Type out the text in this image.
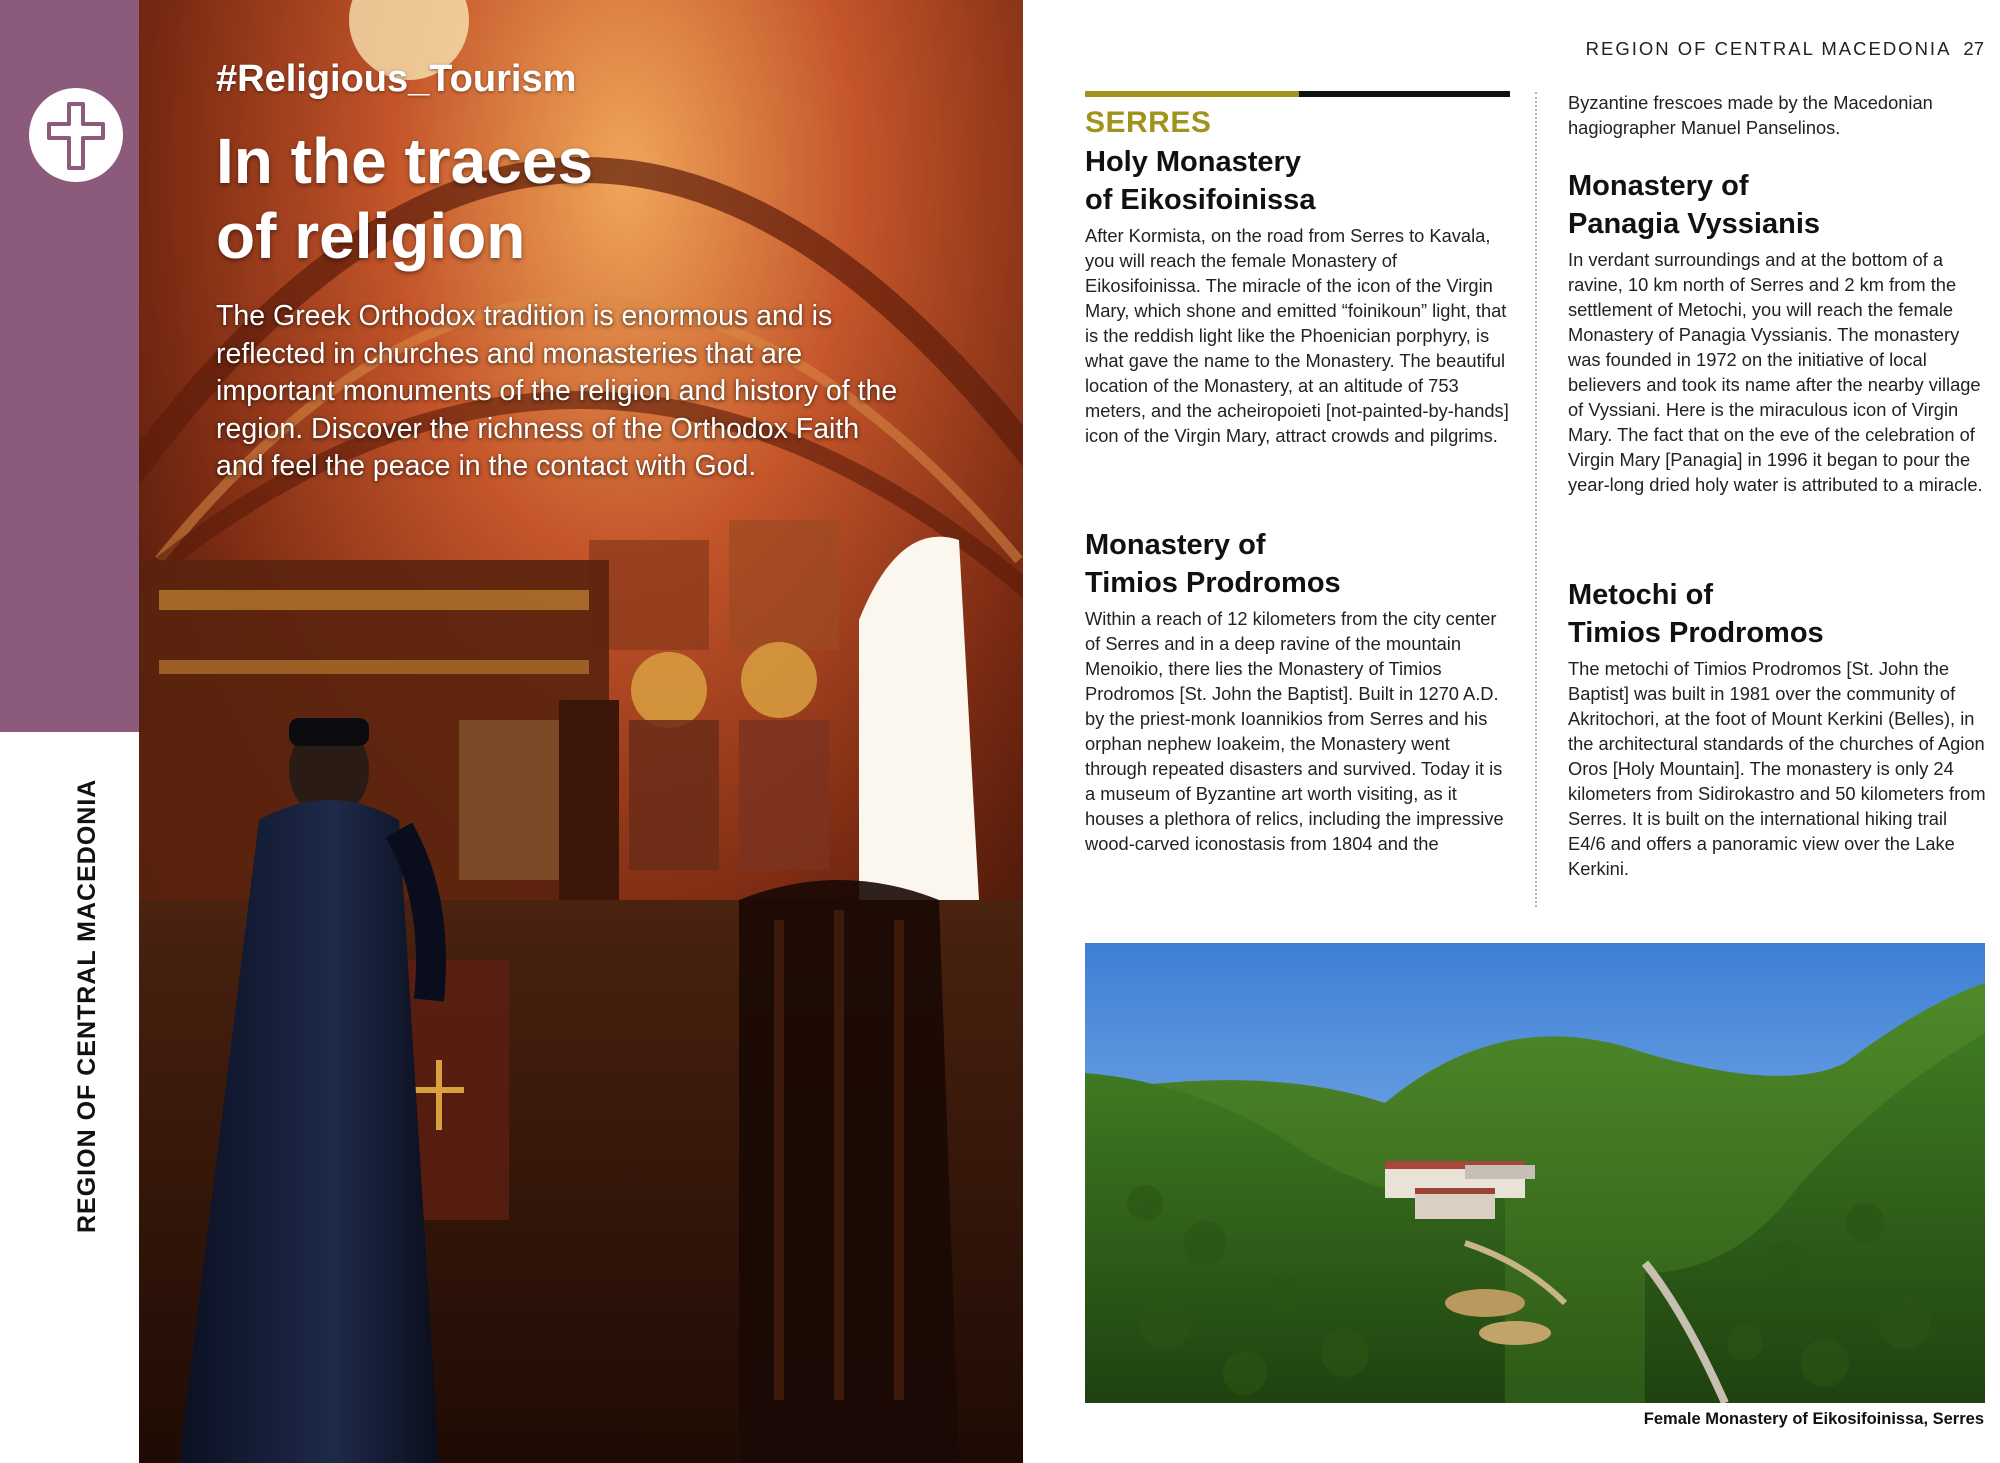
REGION OF CENTRAL MACEDONIA
#Religious_Tourism
In the traces
of religion

The Greek Orthodox tradition is enormous and is reflected in churches and monasteries that are important monuments of the religion and history of the region. Discover the richness of the Orthodox Faith and feel the peace in the contact with God.

REGION OF CENTRAL MACEDONIA 27
SERRES
Holy Monastery
of Eikosifoinissa

After Kormista, on the road from Serres to Kavala, you will reach the female Monastery of Eikosifoinissa. The miracle of the icon of the Virgin Mary, which shone and emitted “foinikoun” light, that is the reddish light like the Phoenician porphyry, is what gave the name to the Monastery. The beautiful location of the Monastery, at an altitude of 753 meters, and the acheiropoieti [not-painted-by-hands] icon of the Virgin Mary, attract crowds and pilgrims.

Monastery of
Timios Prodromos

Within a reach of 12 kilometers from the city center of Serres and in a deep ravine of the mountain Menoikio, there lies the Monastery of Timios Prodromos [St. John the Baptist]. Built in 1270 A.D. by the priest-monk Ioannikios from Serres and his orphan nephew Ioakeim, the Monastery went through repeated disasters and survived. Today it is a museum of Byzantine art worth visiting, as it houses a plethora of relics, including the impressive wood-carved iconostasis from 1804 and the

Byzantine frescoes made by the Macedonian hagiographer Manuel Panselinos.

Monastery of
Panagia Vyssianis

In verdant surroundings and at the bottom of a ravine, 10 km north of Serres and 2 km from the settlement of Metochi, you will reach the female Monastery of Panagia Vyssianis. The monastery was founded in 1972 on the initiative of local believers and took its name after the nearby village of Vyssiani. Here is the miraculous icon of Virgin Mary. The fact that on the eve of the celebration of Virgin Mary [Panagia] in 1996 it began to pour the year-long dried holy water is attributed to a miracle.

Metochi of
Timios Prodromos

The metochi of Timios Prodromos [St. John the Baptist] was built in 1981 over the community of Akritochori, at the foot of Mount Kerkini (Belles), in the architectural standards of the churches of Agion Oros [Holy Mountain]. The monastery is only 24 kilometers from Sidirokastro and 50 kilometers from Serres. It is built on the international hiking trail E4/6 and offers a panoramic view over the Lake Kerkini.

Female Monastery of Eikosifoinissa, Serres
